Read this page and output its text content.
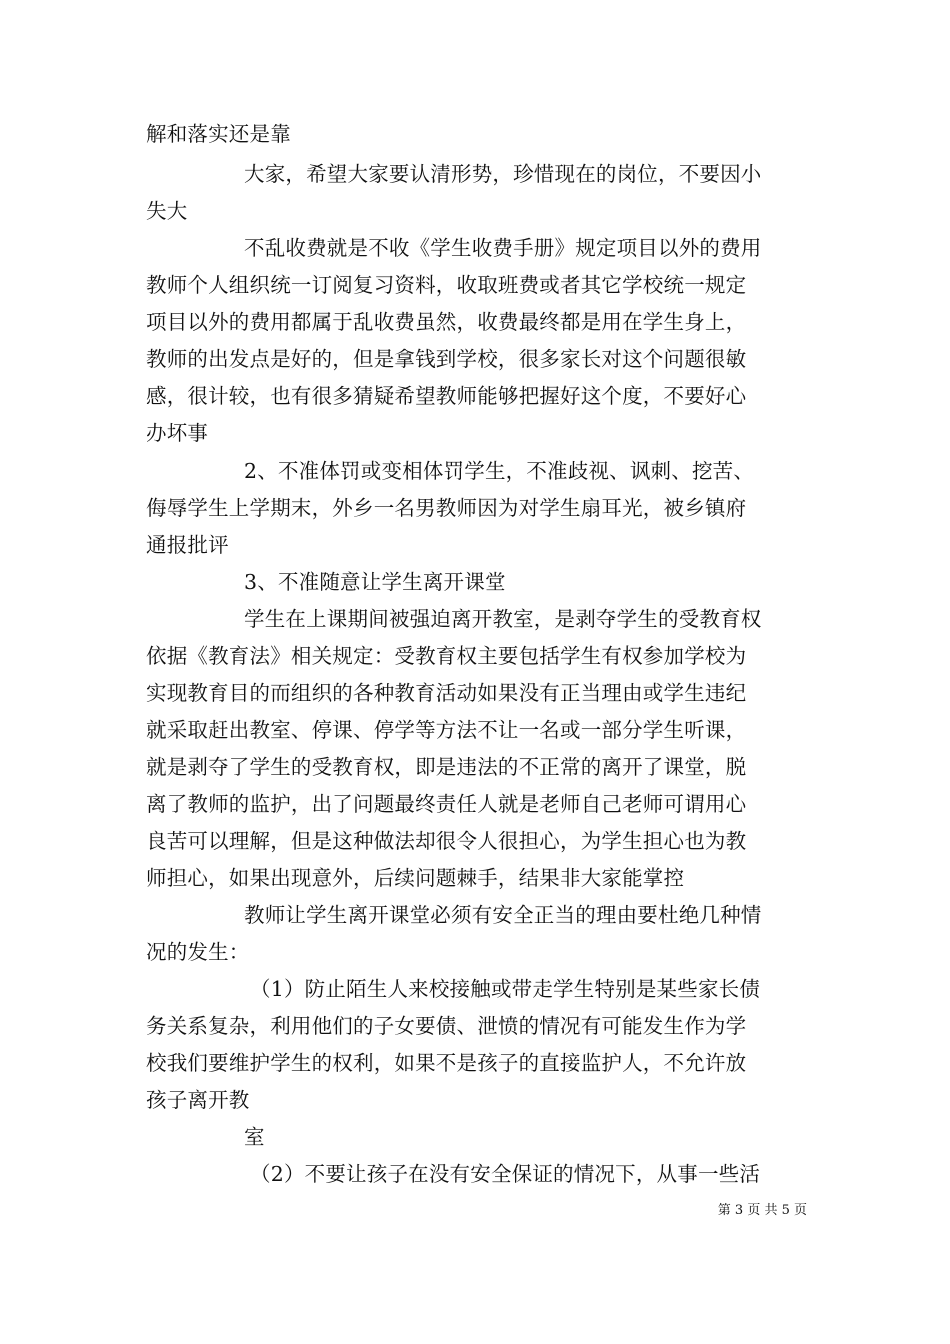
解和落实还是靠
大家，希望大家要认清形势，珍惜现在的岗位，不要因小
失大
不乱收费就是不收《学生收费手册》规定项目以外的费用
教师个人组织统一订阅复习资料，收取班费或者其它学校统一规定
项目以外的费用都属于乱收费虽然，收费最终都是用在学生身上，
教师的出发点是好的，但是拿钱到学校，很多家长对这个问题很敏
感，很计较，也有很多猜疑希望教师能够把握好这个度，不要好心
办坏事
2、不准体罚或变相体罚学生，不准歧视、讽刺、挖苦、
侮辱学生上学期末，外乡一名男教师因为对学生扇耳光，被乡镇府
通报批评
3、不准随意让学生离开课堂
学生在上课期间被强迫离开教室，是剥夺学生的受教育权
依据《教育法》相关规定：受教育权主要包括学生有权参加学校为
实现教育目的而组织的各种教育活动如果没有正当理由或学生违纪
就采取赶出教室、停课、停学等方法不让一名或一部分学生听课，
就是剥夺了学生的受教育权，即是违法的不正常的离开了课堂，脱
离了教师的监护，出了问题最终责任人就是老师自己老师可谓用心
良苦可以理解，但是这种做法却很令人很担心，为学生担心也为教
师担心，如果出现意外，后续问题棘手，结果非大家能掌控
教师让学生离开课堂必须有安全正当的理由要杜绝几种情
况的发生：
（1）防止陌生人来校接触或带走学生特别是某些家长债
务关系复杂，利用他们的子女要债、泄愤的情况有可能发生作为学
校我们要维护学生的权利，如果不是孩子的直接监护人，不允许放
孩子离开教
室
（2）不要让孩子在没有安全保证的情况下，从事一些活
第 3 页 共 5 页
